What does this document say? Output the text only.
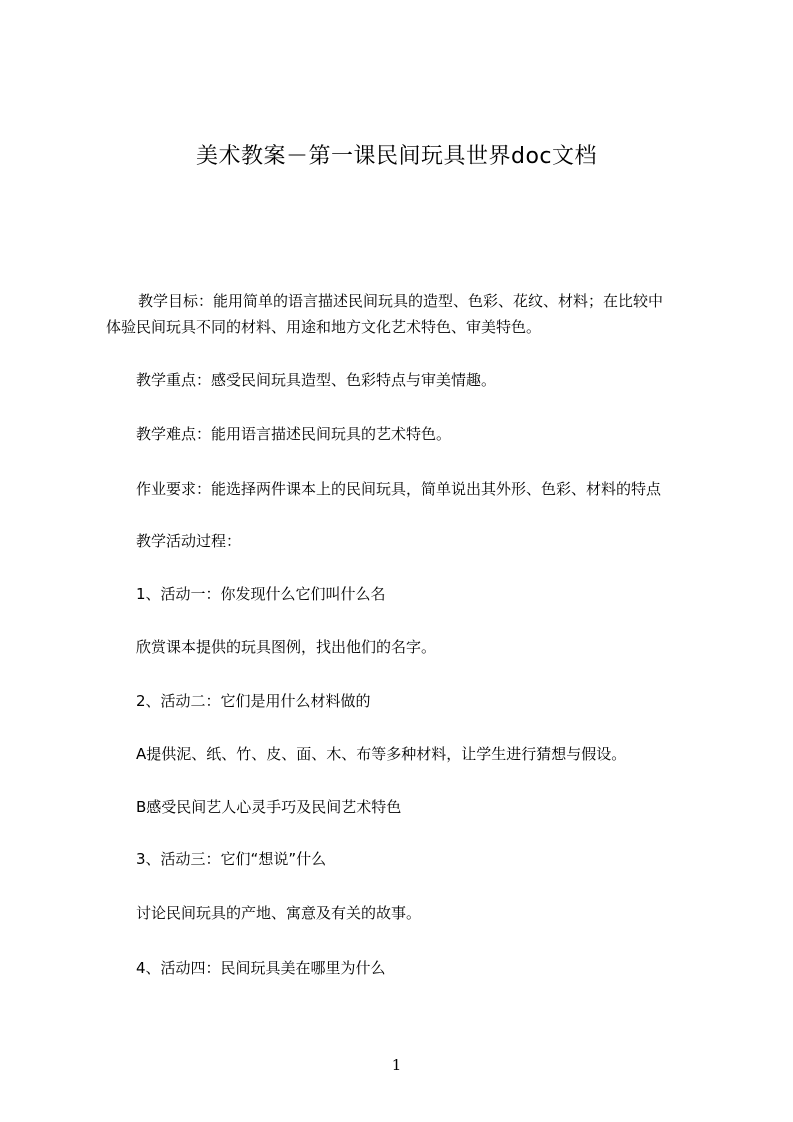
美术教案－第一课民间玩具世界doc文档
教学目标：能用简单的语言描述民间玩具的造型、色彩、花纹、材料；在比较中
体验民间玩具不同的材料、用途和地方文化艺术特色、审美特色。
教学重点：感受民间玩具造型、色彩特点与审美情趣。
教学难点：能用语言描述民间玩具的艺术特色。
作业要求：能选择两件课本上的民间玩具，简单说出其外形、色彩、材料的特点
教学活动过程：
1、活动一：你发现什么它们叫什么名
欣赏课本提供的玩具图例，找出他们的名字。
2、活动二：它们是用什么材料做的
A提供泥、纸、竹、皮、面、木、布等多种材料，让学生进行猜想与假设。
B感受民间艺人心灵手巧及民间艺术特色
3、活动三：它们“想说”什么
讨论民间玩具的产地、寓意及有关的故事。
4、活动四：民间玩具美在哪里为什么
1
